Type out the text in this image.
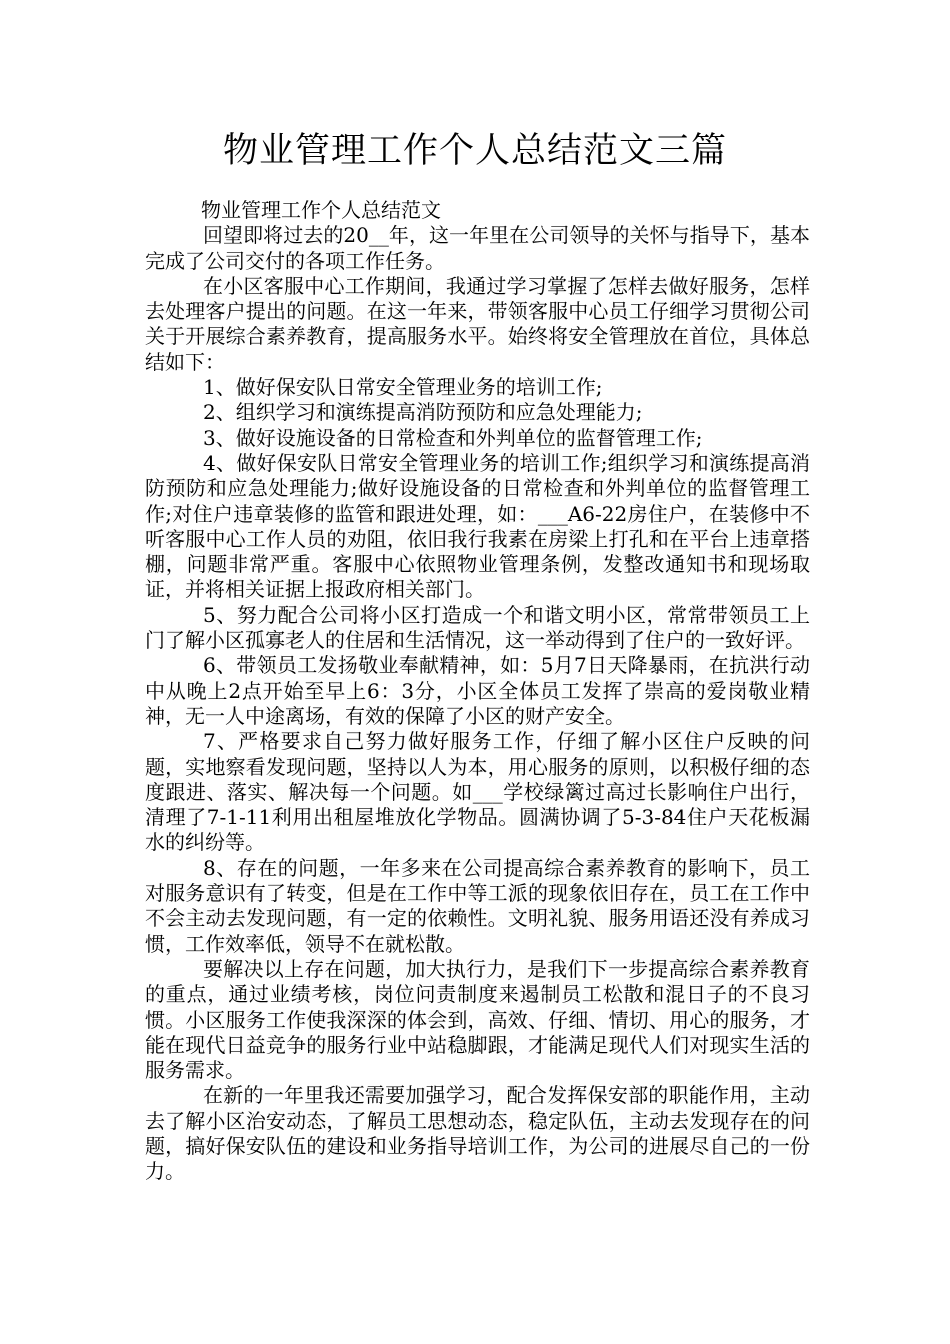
物业管理工作个人总结范文三篇

物业管理工作个人总结范文

回望即将过去的20__年，这一年里在公司领导的关怀与指导下，基本完成了公司交付的各项工作任务。

在小区客服中心工作期间，我通过学习掌握了怎样去做好服务，怎样去处理客户提出的问题。在这一年来，带领客服中心员工仔细学习贯彻公司关于开展综合素养教育，提高服务水平。始终将安全管理放在首位，具体总结如下：

1、做好保安队日常安全管理业务的培训工作;

2、组织学习和演练提高消防预防和应急处理能力;

3、做好设施设备的日常检查和外判单位的监督管理工作;

4、做好保安队日常安全管理业务的培训工作;组织学习和演练提高消防预防和应急处理能力;做好设施设备的日常检查和外判单位的监督管理工作;对住户违章装修的监管和跟进处理，如：___A6-22房住户，在装修中不听客服中心工作人员的劝阻，依旧我行我素在房梁上打孔和在平台上违章搭棚，问题非常严重。客服中心依照物业管理条例，发整改通知书和现场取证，并将相关证据上报政府相关部门。

5、努力配合公司将小区打造成一个和谐文明小区，常常带领员工上门了解小区孤寡老人的住居和生活情况，这一举动得到了住户的一致好评。

6、带领员工发扬敬业奉献精神，如：5月7日天降暴雨，在抗洪行动中从晚上2点开始至早上6：3分，小区全体员工发挥了崇高的爱岗敬业精神，无一人中途离场，有效的保障了小区的财产安全。

7、严格要求自己努力做好服务工作，仔细了解小区住户反映的问题，实地察看发现问题，坚持以人为本，用心服务的原则，以积极仔细的态度跟进、落实、解决每一个问题。如___学校绿篱过高过长影响住户出行，清理了7-1-11利用出租屋堆放化学物品。圆满协调了5-3-84住户天花板漏水的纠纷等。

8、存在的问题，一年多来在公司提高综合素养教育的影响下，员工对服务意识有了转变，但是在工作中等工派的现象依旧存在，员工在工作中不会主动去发现问题，有一定的依赖性。文明礼貌、服务用语还没有养成习惯，工作效率低，领导不在就松散。

要解决以上存在问题，加大执行力，是我们下一步提高综合素养教育的重点，通过业绩考核，岗位问责制度来遏制员工松散和混日子的不良习惯。小区服务工作使我深深的体会到，高效、仔细、情切、用心的服务，才能在现代日益竞争的服务行业中站稳脚跟，才能满足现代人们对现实生活的服务需求。

在新的一年里我还需要加强学习，配合发挥保安部的职能作用，主动去了解小区治安动态，了解员工思想动态，稳定队伍，主动去发现存在的问题，搞好保安队伍的建设和业务指导培训工作，为公司的进展尽自己的一份力。
